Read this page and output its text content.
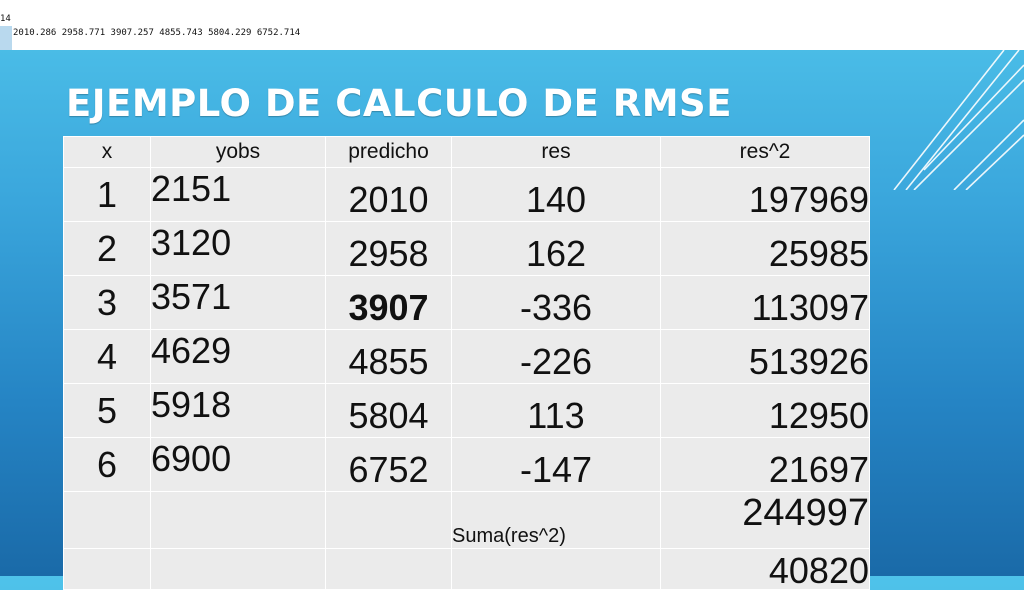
14
2010.286 2958.771 3907.257 4855.743 5804.229 6752.714
EJEMPLO DE CALCULO DE RMSE
x	yobs	predicho	res	res^2
1	2151	2010	140	197969
2	3120	2958	162	25985
3	3571	3907	-336	113097
4	4629	4855	-226	513926
5	5918	5804	113	12950
6	6900	6752	-147	21697
			Suma(res^2)	244997
				40820
